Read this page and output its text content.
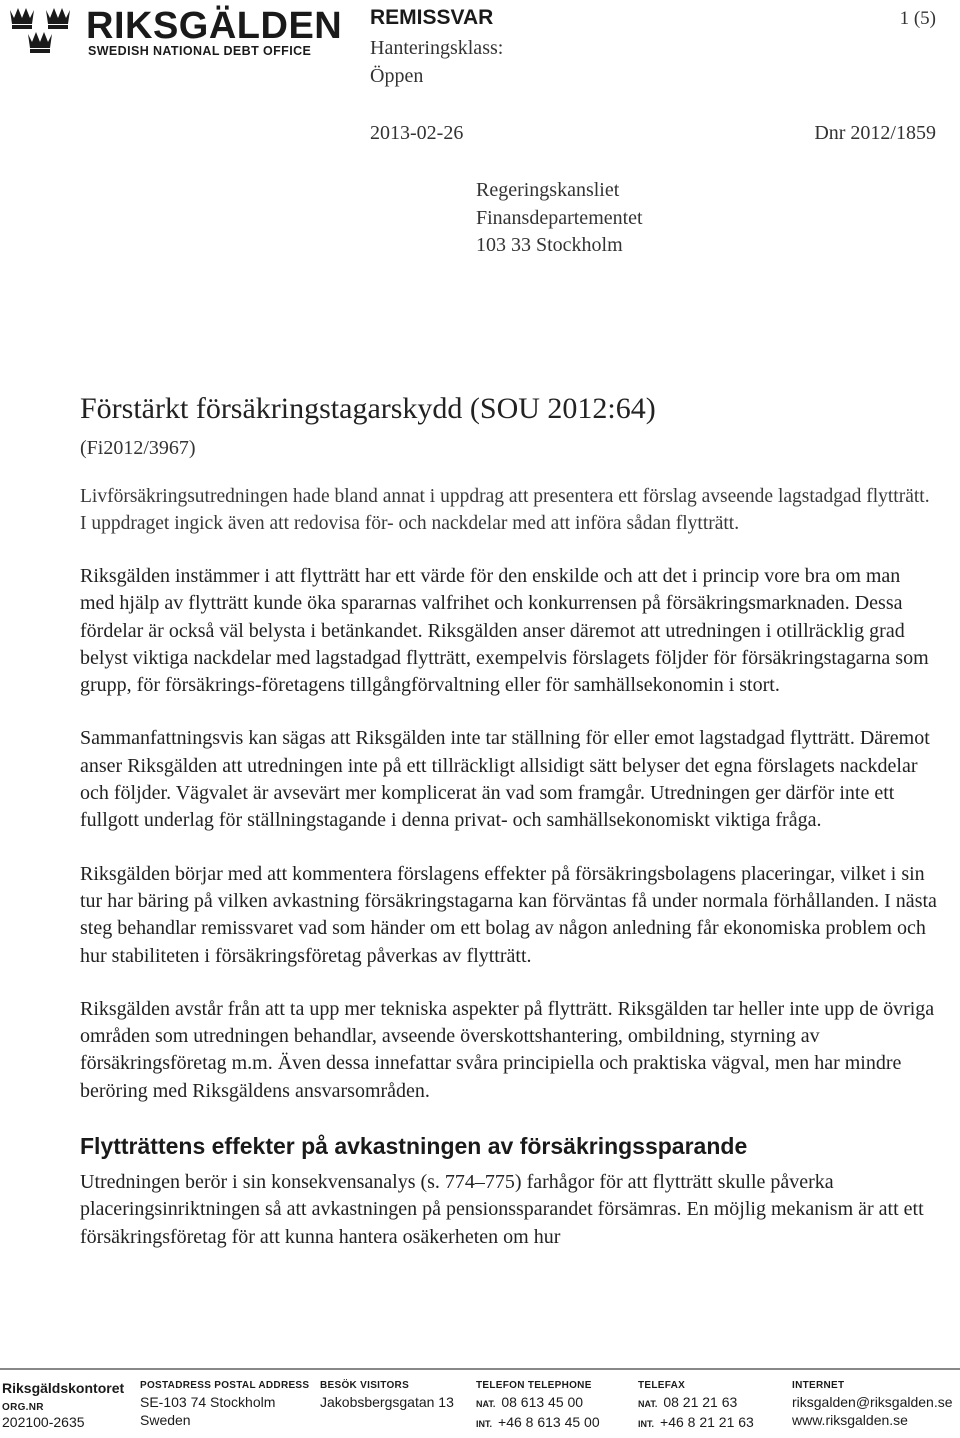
RIKSGÄLDEN
SWEDISH NATIONAL DEBT OFFICE
REMISSVAR
Hanteringsklass:
Öppen
1 (5)
2013-02-26	Dnr 2012/1859
Regeringskansliet
Finansdepartementet
103 33 Stockholm
Förstärkt försäkringstagarskydd (SOU 2012:64)
(Fi2012/3967)

Livförsäkringsutredningen hade bland annat i uppdrag att presentera ett förslag avseende lagstadgad flytträtt. I uppdraget ingick även att redovisa för- och nackdelar med att införa sådan flytträtt.

Riksgälden instämmer i att flytträtt har ett värde för den enskilde och att det i princip vore bra om man med hjälp av flytträtt kunde öka spararnas valfrihet och konkurrensen på försäkringsmarknaden. Dessa fördelar är också väl belysta i betänkandet. Riksgälden anser däremot att utredningen i otillräcklig grad belyst viktiga nackdelar med lagstadgad flytträtt, exempelvis förslagets följder för försäkringstagarna som grupp, för försäkrings-företagens tillgångförvaltning eller för samhällsekonomin i stort.

Sammanfattningsvis kan sägas att Riksgälden inte tar ställning för eller emot lagstadgad flytträtt. Däremot anser Riksgälden att utredningen inte på ett tillräckligt allsidigt sätt belyser det egna förslagets nackdelar och följder. Vägvalet är avsevärt mer komplicerat än vad som framgår. Utredningen ger därför inte ett fullgott underlag för ställningstagande i denna privat- och samhällsekonomiskt viktiga fråga.

Riksgälden börjar med att kommentera förslagens effekter på försäkringsbolagens placeringar, vilket i sin tur har bäring på vilken avkastning försäkringstagarna kan förväntas få under normala förhållanden. I nästa steg behandlar remissvaret vad som händer om ett bolag av någon anledning får ekonomiska problem och hur stabiliteten i försäkringsföretag påverkas av flytträtt.

Riksgälden avstår från att ta upp mer tekniska aspekter på flytträtt. Riksgälden tar heller inte upp de övriga områden som utredningen behandlar, avseende överskottshantering, ombildning, styrning av försäkringsföretag m.m. Även dessa innefattar svåra principiella och praktiska vägval, men har mindre beröring med Riksgäldens ansvarsområden.

Flytträttens effekter på avkastningen av försäkringssparande

Utredningen berör i sin konsekvensanalys (s. 774–775) farhågor för att flytträtt skulle påverka placeringsinriktningen så att avkastningen på pensionssparandet försämras. En möjlig mekanism är att ett försäkringsföretag för att kunna hantera osäkerheten om hur

Riksgäldskontoret
ORG.NR
202100-2635
POSTADRESS POSTAL ADDRESS
SE-103 74 Stockholm
Sweden
BESÖK VISITORS
Jakobsbergsgatan 13
TELEFON TELEPHONE
NAT. 08 613 45 00
INT. +46 8 613 45 00
TELEFAX
NAT. 08 21 21 63
INT. +46 8 21 21 63
INTERNET
riksgalden@riksgalden.se
www.riksgalden.se
